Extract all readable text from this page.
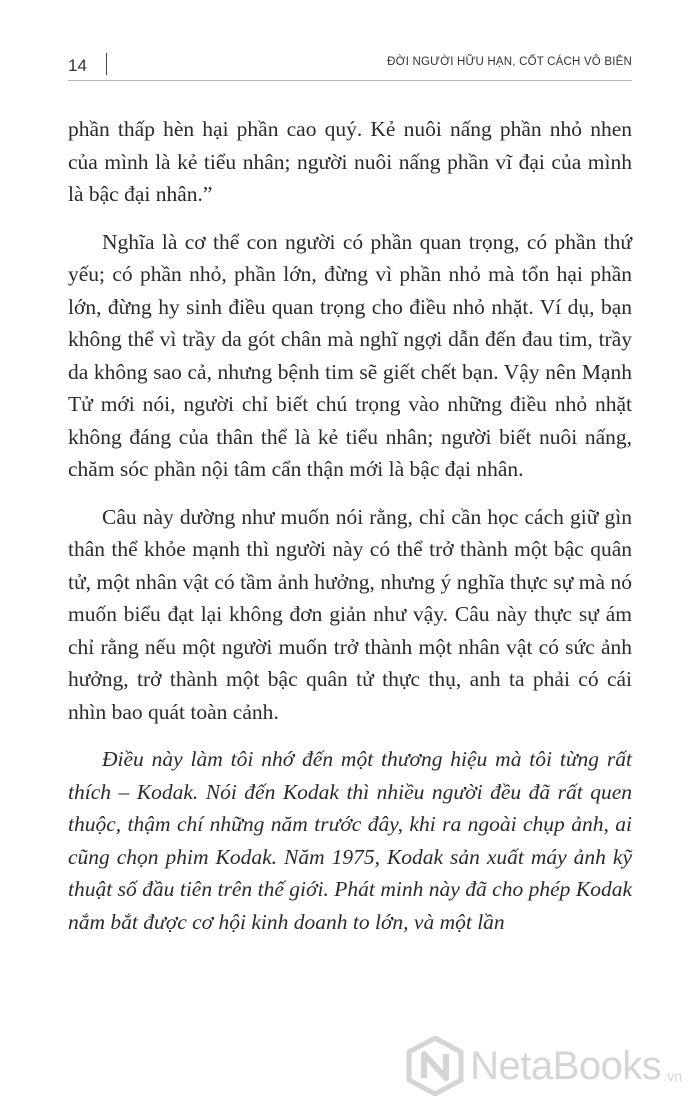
14	ĐỜI NGƯỜI HỮU HẠN, CỐT CÁCH VÔ BIÊN

phần thấp hèn hại phần cao quý. Kẻ nuôi nấng phần nhỏ nhen của mình là kẻ tiểu nhân; người nuôi nấng phần vĩ đại của mình là bậc đại nhân.”

Nghĩa là cơ thể con người có phần quan trọng, có phần thứ yếu; có phần nhỏ, phần lớn, đừng vì phần nhỏ mà tổn hại phần lớn, đừng hy sinh điều quan trọng cho điều nhỏ nhặt. Ví dụ, bạn không thể vì trầy da gót chân mà nghĩ ngợi dẫn đến đau tim, trầy da không sao cả, nhưng bệnh tim sẽ giết chết bạn. Vậy nên Mạnh Tử mới nói, người chỉ biết chú trọng vào những điều nhỏ nhặt không đáng của thân thể là kẻ tiểu nhân; người biết nuôi nấng, chăm sóc phần nội tâm cẩn thận mới là bậc đại nhân.

Câu này dường như muốn nói rằng, chỉ cần học cách giữ gìn thân thể khỏe mạnh thì người này có thể trở thành một bậc quân tử, một nhân vật có tầm ảnh hưởng, nhưng ý nghĩa thực sự mà nó muốn biểu đạt lại không đơn giản như vậy. Câu này thực sự ám chỉ rằng nếu một người muốn trở thành một nhân vật có sức ảnh hưởng, trở thành một bậc quân tử thực thụ, anh ta phải có cái nhìn bao quát toàn cảnh.

Điều này làm tôi nhớ đến một thương hiệu mà tôi từng rất thích – Kodak. Nói đến Kodak thì nhiều người đều đã rất quen thuộc, thậm chí những năm trước đây, khi ra ngoài chụp ảnh, ai cũng chọn phim Kodak. Năm 1975, Kodak sản xuất máy ảnh kỹ thuật số đầu tiên trên thế giới. Phát minh này đã cho phép Kodak nắm bắt được cơ hội kinh doanh to lớn, và một lần

NetaBooks .vn
